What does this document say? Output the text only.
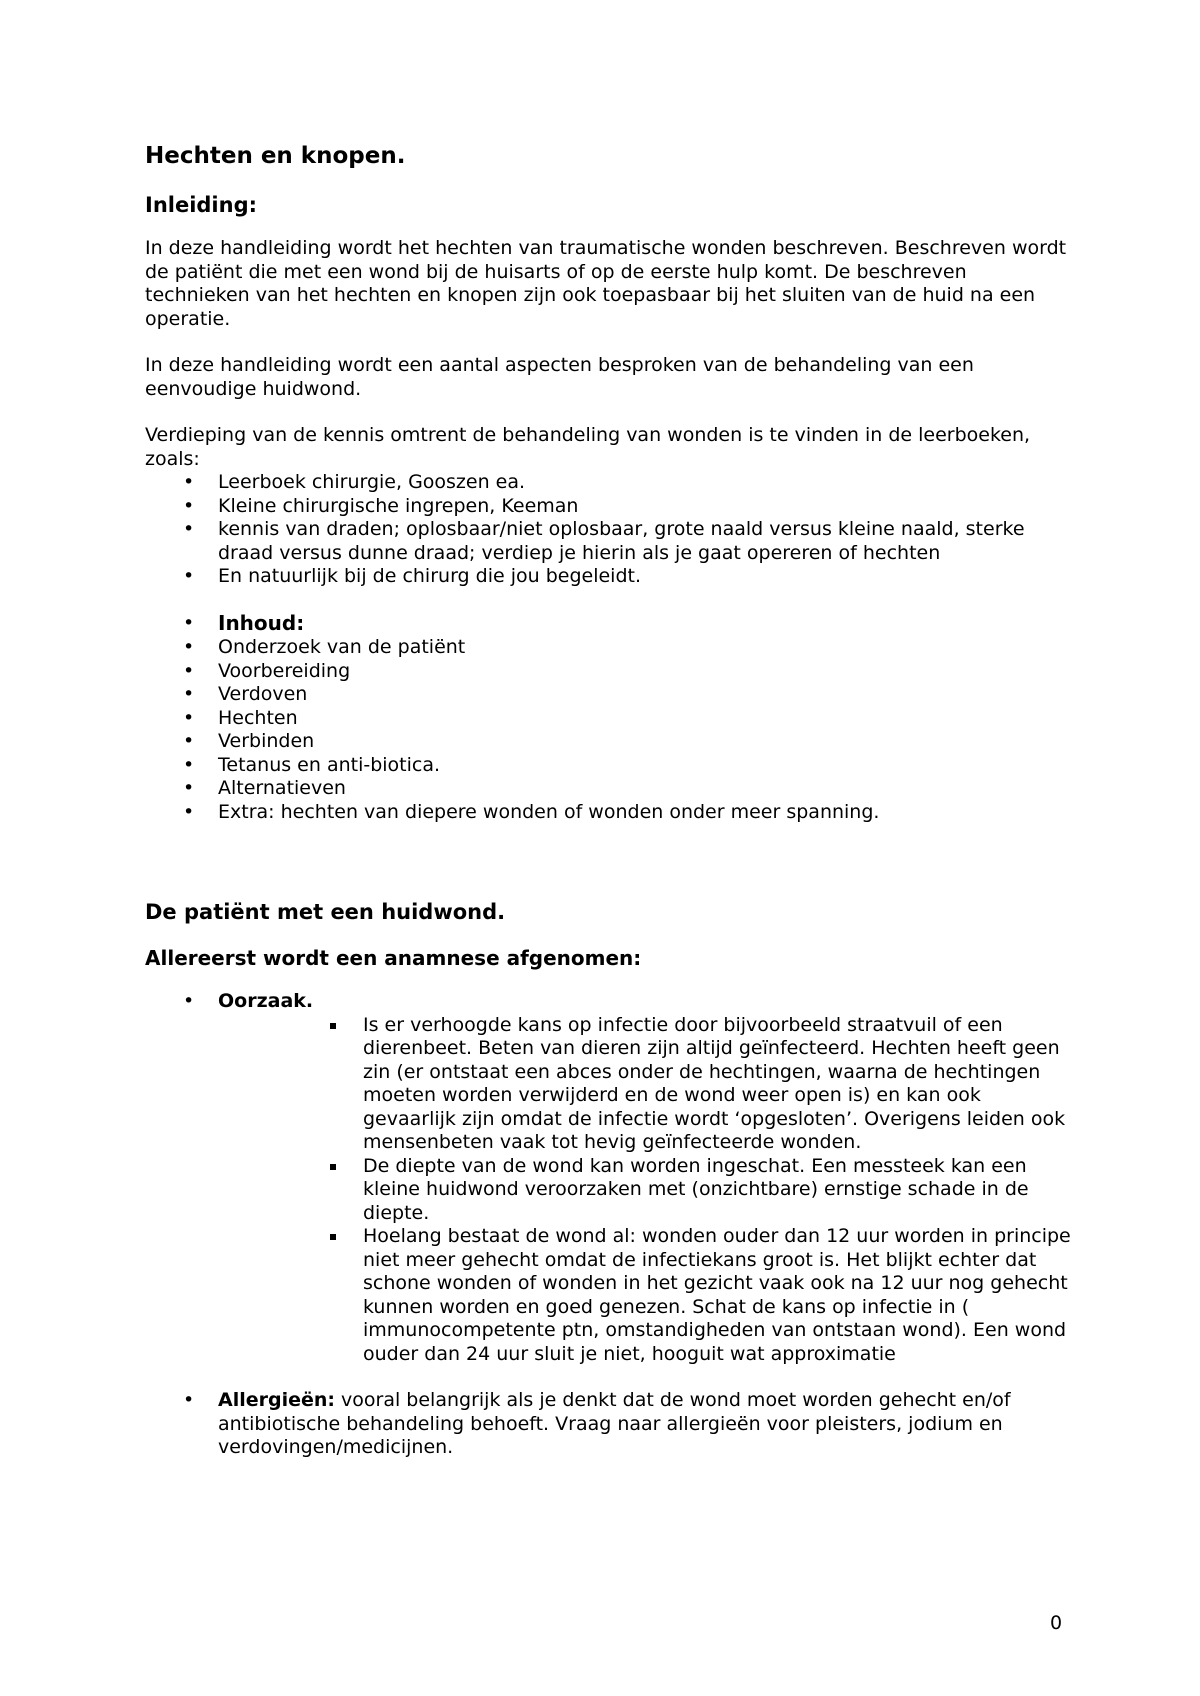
Hechten en knopen.
Inleiding:

In deze handleiding wordt het hechten van traumatische wonden beschreven. Beschreven wordt de patiënt die met een wond bij de huisarts of op de eerste hulp komt. De beschreven technieken van het hechten en knopen zijn ook toepasbaar bij het sluiten van de huid na een operatie.

In deze handleiding wordt een aantal aspecten besproken van de behandeling van een eenvoudige huidwond.

Verdieping van de kennis omtrent de behandeling van wonden is te vinden in de leerboeken, zoals:

• Leerboek chirurgie, Gooszen ea.
• Kleine chirurgische ingrepen, Keeman
• kennis van draden; oplosbaar/niet oplosbaar, grote naald versus kleine naald, sterke draad versus dunne draad; verdiep je hierin als je gaat opereren of hechten
• En natuurlijk bij de chirurg die jou begeleidt.
• Inhoud:
• Onderzoek van de patiënt
• Voorbereiding
• Verdoven
• Hechten
• Verbinden
• Tetanus en anti-biotica.
• Alternatieven
• Extra: hechten van diepere wonden of wonden onder meer spanning.
De patiënt met een huidwond.
Allereerst wordt een anamnese afgenomen:
• Oorzaak.
Is er verhoogde kans op infectie door bijvoorbeeld straatvuil of een dierenbeet. Beten van dieren zijn altijd geïnfecteerd. Hechten heeft geen zin (er ontstaat een abces onder de hechtingen, waarna de hechtingen moeten worden verwijderd en de wond weer open is) en kan ook gevaarlijk zijn omdat de infectie wordt ‘opgesloten’. Overigens leiden ook mensenbeten vaak tot hevig geïnfecteerde wonden.
De diepte van de wond kan worden ingeschat. Een messteek kan een kleine huidwond veroorzaken met (onzichtbare) ernstige schade in de diepte.
Hoelang bestaat de wond al: wonden ouder dan 12 uur worden in principe niet meer gehecht omdat de infectiekans groot is. Het blijkt echter dat schone wonden of wonden in het gezicht vaak ook na 12 uur nog gehecht kunnen worden en goed genezen. Schat de kans op infectie in ( immunocompetente ptn, omstandigheden van ontstaan wond). Een wond ouder dan 24 uur sluit je niet, hooguit wat approximatie
• Allergieën: vooral belangrijk als je denkt dat de wond moet worden gehecht en/of antibiotische behandeling behoeft. Vraag naar allergieën voor pleisters, jodium en verdovingen/medicijnen.
0
